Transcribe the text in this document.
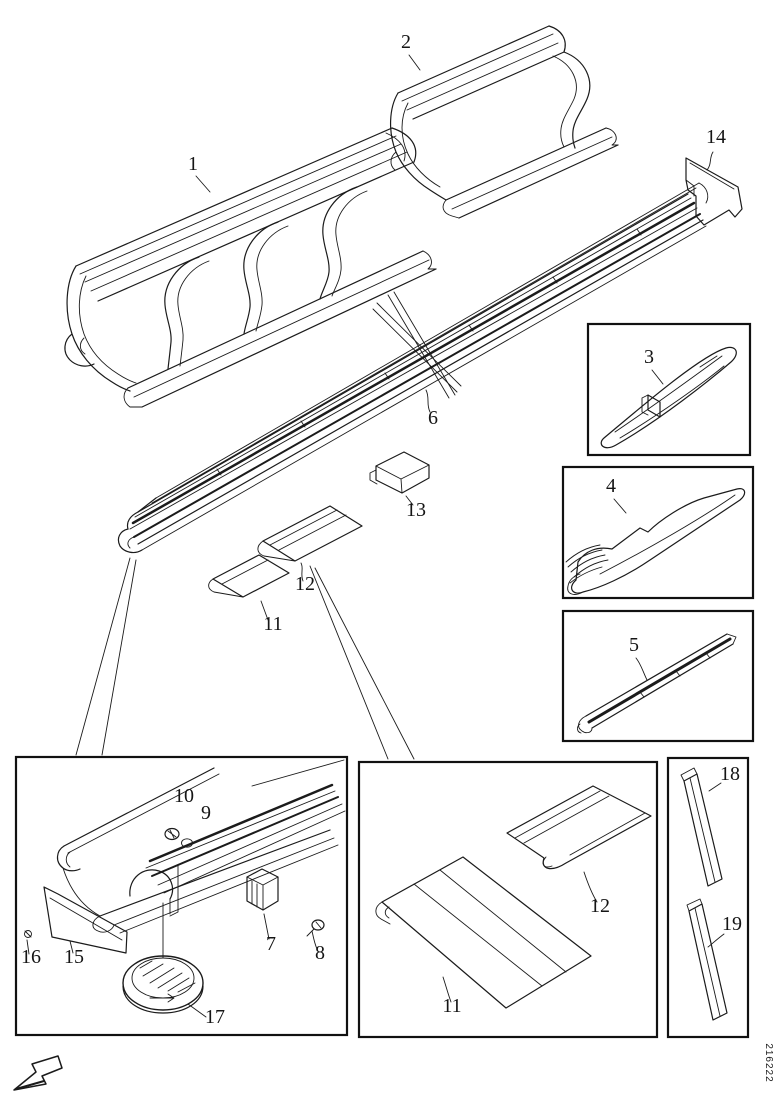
1
2
3
4
5
6
7 8
9
10
11
12
13
14
15
16
17
18
19
11
12
216222
